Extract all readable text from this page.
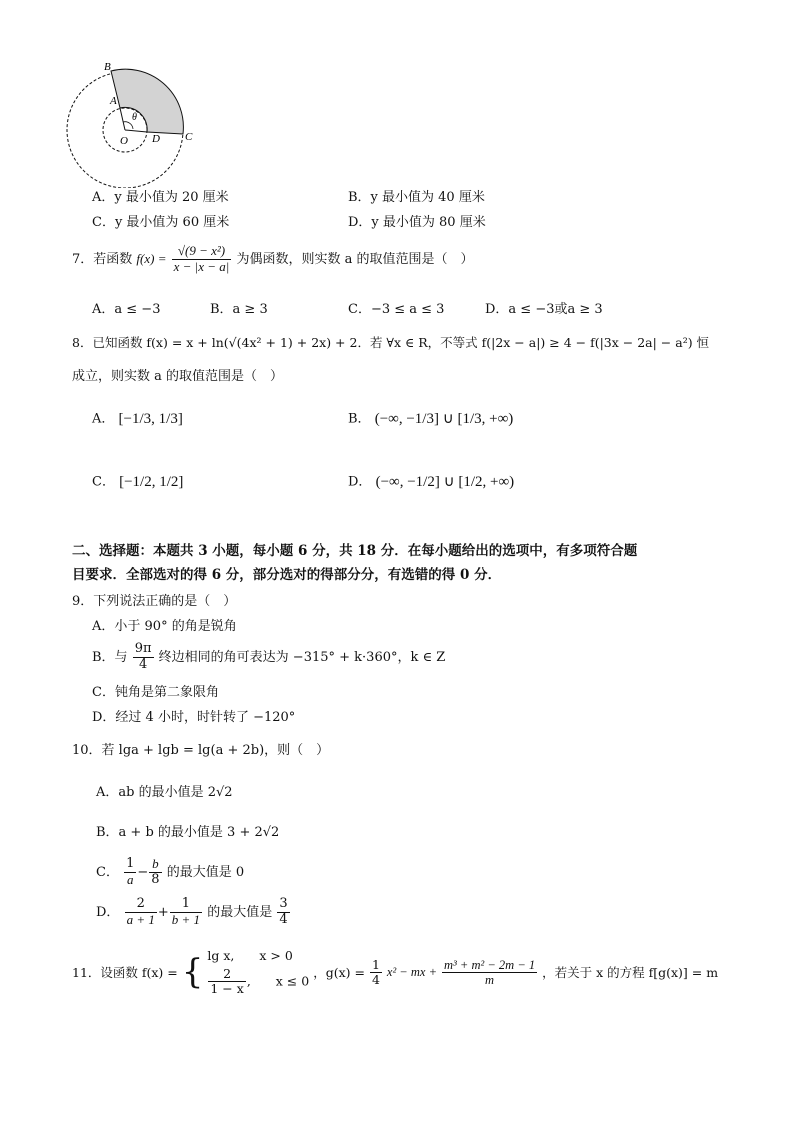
B
A
O
θ
D C
A．y 最小值为 20 厘米	B．y 最小值为 40 厘米
C．y 最小值为 60 厘米	D．y 最小值为 80 厘米
7．若函数 $f(x) = \frac{\text{√(9 − x²)}}{x - |x - a|}$ 为偶函数，则实数 a 的取值范围是（　）
A．a ≤ −3	B．a ≥ 3	C．−3 ≤ a ≤ 3	D．a ≤ −3或a ≥ 3
8．已知函数 f(x) = x + ln(√(4x² + 1) + 2x) + 2．若 ∀x ∈ R，不等式 f(|2x − a|) ≥ 4 − f(|3x − 2a| − a²) 恒
成立，则实数 a 的取值范围是（　）
A． [−1/3, 1/3]	B． (−∞, −1/3] ∪ [1/3, +∞)
C． [−1/2, 1/2]	D． (−∞, −1/2] ∪ [1/2, +∞)
二、选择题：本题共 3 小题，每小题 6 分，共 18 分．在每小题给出的选项中，有多项符合题
目要求．全部选对的得 6 分，部分选对的得部分分，有选错的得 0 分．
9．下列说法正确的是（　）
A．小于 90° 的角是锐角
B．与 $\frac{9\pi}{4}$ 终边相同的角可表达为 −315° + k·360°，k ∈ Z
C．钝角是第二象限角
D．经过 4 小时，时针转了 −120°
10．若 lga + lgb = lg(a + 2b)，则（　）
A．ab 的最小值是 2√2
B．a + b 的最小值是 3 + 2√2
C． $\frac{1}{a} - \frac{b}{8}$ 的最大值是 0
D． $\frac{2}{a + 1} + \frac{1}{b + 1}$ 的最大值是 $\frac{3}{4}$
11．设函数 f(x) = { lg x,　　x > 0
$\frac{2}{1 - x}$ ,　　x ≤ 0
，$g(x) = \frac{1}{4} x^2$ − mx + $\frac{\text{m³ + m² − 2m − 1}}{m}$ ，若关于 x 的方程 f[g(x)] = m
